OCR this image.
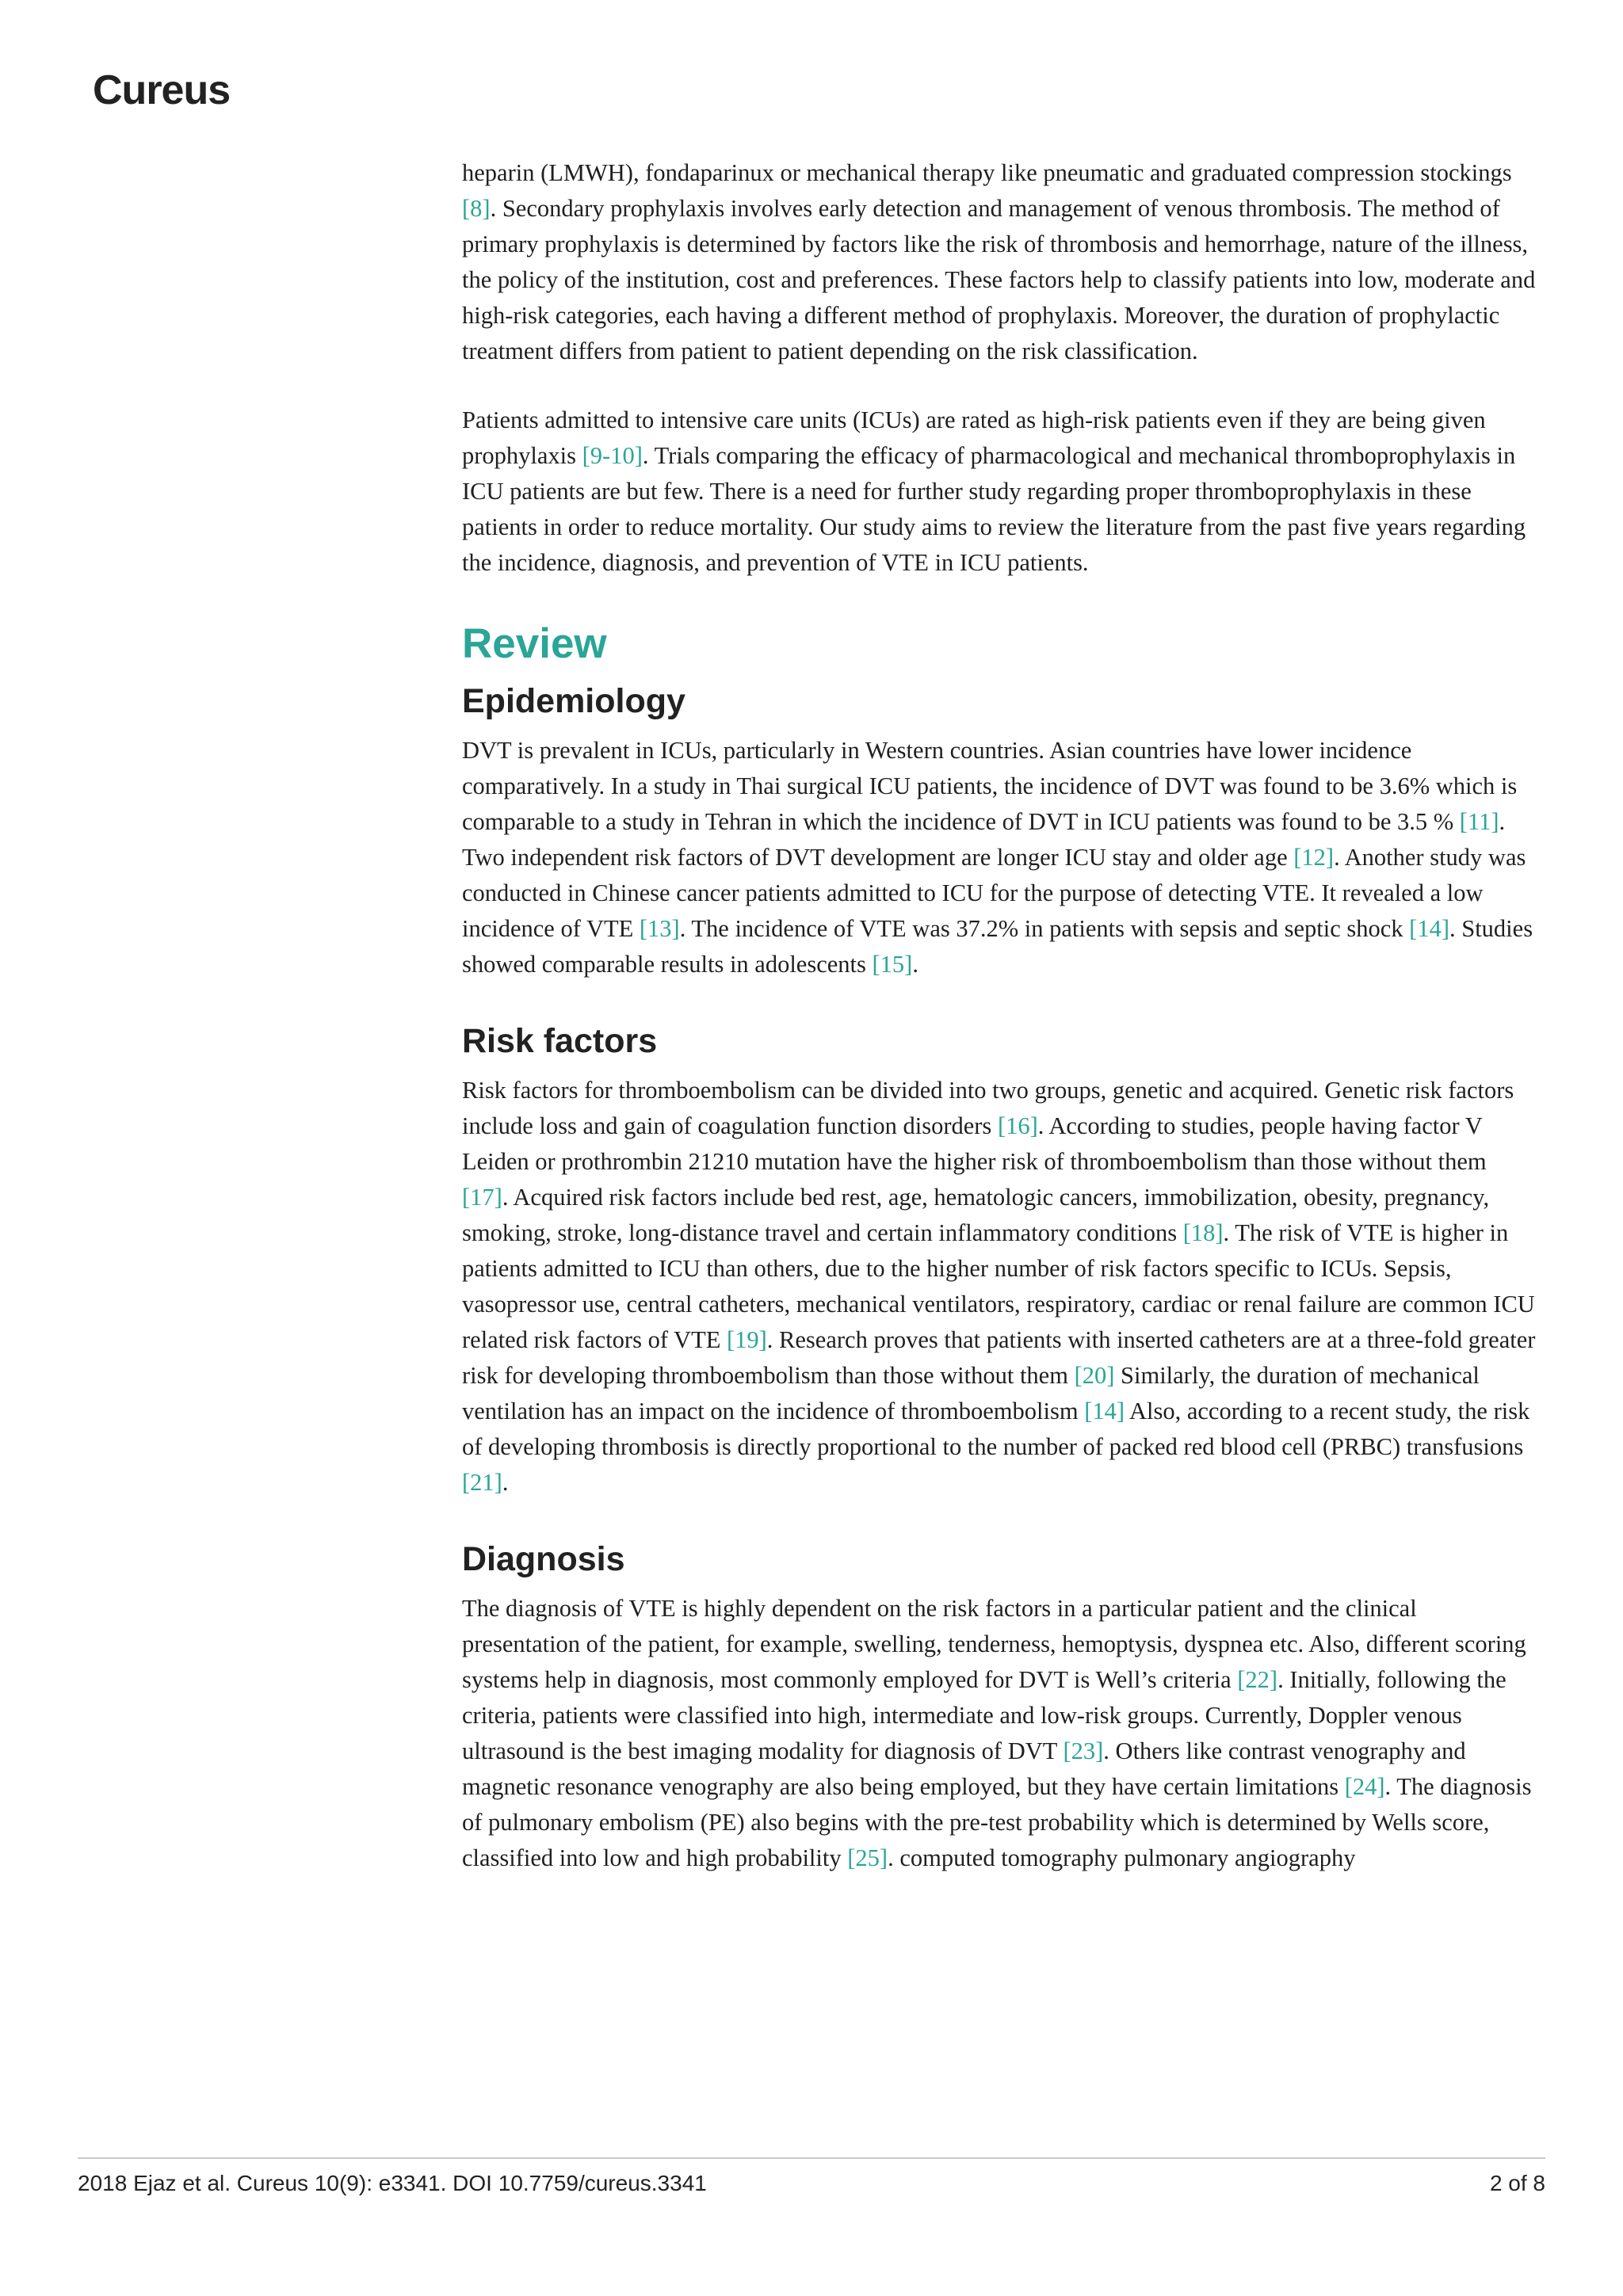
Cureus

heparin (LMWH), fondaparinux or mechanical therapy like pneumatic and graduated compression stockings [8]. Secondary prophylaxis involves early detection and management of venous thrombosis. The method of primary prophylaxis is determined by factors like the risk of thrombosis and hemorrhage, nature of the illness, the policy of the institution, cost and preferences. These factors help to classify patients into low, moderate and high-risk categories, each having a different method of prophylaxis. Moreover, the duration of prophylactic treatment differs from patient to patient depending on the risk classification.

Patients admitted to intensive care units (ICUs) are rated as high-risk patients even if they are being given prophylaxis [9-10]. Trials comparing the efficacy of pharmacological and mechanical thromboprophylaxis in ICU patients are but few. There is a need for further study regarding proper thromboprophylaxis in these patients in order to reduce mortality. Our study aims to review the literature from the past five years regarding the incidence, diagnosis, and prevention of VTE in ICU patients.

Review
Epidemiology

DVT is prevalent in ICUs, particularly in Western countries. Asian countries have lower incidence comparatively. In a study in Thai surgical ICU patients, the incidence of DVT was found to be 3.6% which is comparable to a study in Tehran in which the incidence of DVT in ICU patients was found to be 3.5 % [11]. Two independent risk factors of DVT development are longer ICU stay and older age [12]. Another study was conducted in Chinese cancer patients admitted to ICU for the purpose of detecting VTE. It revealed a low incidence of VTE [13]. The incidence of VTE was 37.2% in patients with sepsis and septic shock [14]. Studies showed comparable results in adolescents [15].

Risk factors

Risk factors for thromboembolism can be divided into two groups, genetic and acquired. Genetic risk factors include loss and gain of coagulation function disorders [16]. According to studies, people having factor V Leiden or prothrombin 21210 mutation have the higher risk of thromboembolism than those without them [17]. Acquired risk factors include bed rest, age, hematologic cancers, immobilization, obesity, pregnancy, smoking, stroke, long-distance travel and certain inflammatory conditions [18]. The risk of VTE is higher in patients admitted to ICU than others, due to the higher number of risk factors specific to ICUs. Sepsis, vasopressor use, central catheters, mechanical ventilators, respiratory, cardiac or renal failure are common ICU related risk factors of VTE [19]. Research proves that patients with inserted catheters are at a three-fold greater risk for developing thromboembolism than those without them [20] Similarly, the duration of mechanical ventilation has an impact on the incidence of thromboembolism [14] Also, according to a recent study, the risk of developing thrombosis is directly proportional to the number of packed red blood cell (PRBC) transfusions [21].

Diagnosis

The diagnosis of VTE is highly dependent on the risk factors in a particular patient and the clinical presentation of the patient, for example, swelling, tenderness, hemoptysis, dyspnea etc. Also, different scoring systems help in diagnosis, most commonly employed for DVT is Well’s criteria [22]. Initially, following the criteria, patients were classified into high, intermediate and low-risk groups. Currently, Doppler venous ultrasound is the best imaging modality for diagnosis of DVT [23]. Others like contrast venography and magnetic resonance venography are also being employed, but they have certain limitations [24]. The diagnosis of pulmonary embolism (PE) also begins with the pre-test probability which is determined by Wells score, classified into low and high probability [25]. computed tomography pulmonary angiography

2018 Ejaz et al. Cureus 10(9): e3341. DOI 10.7759/cureus.3341	2 of 8
